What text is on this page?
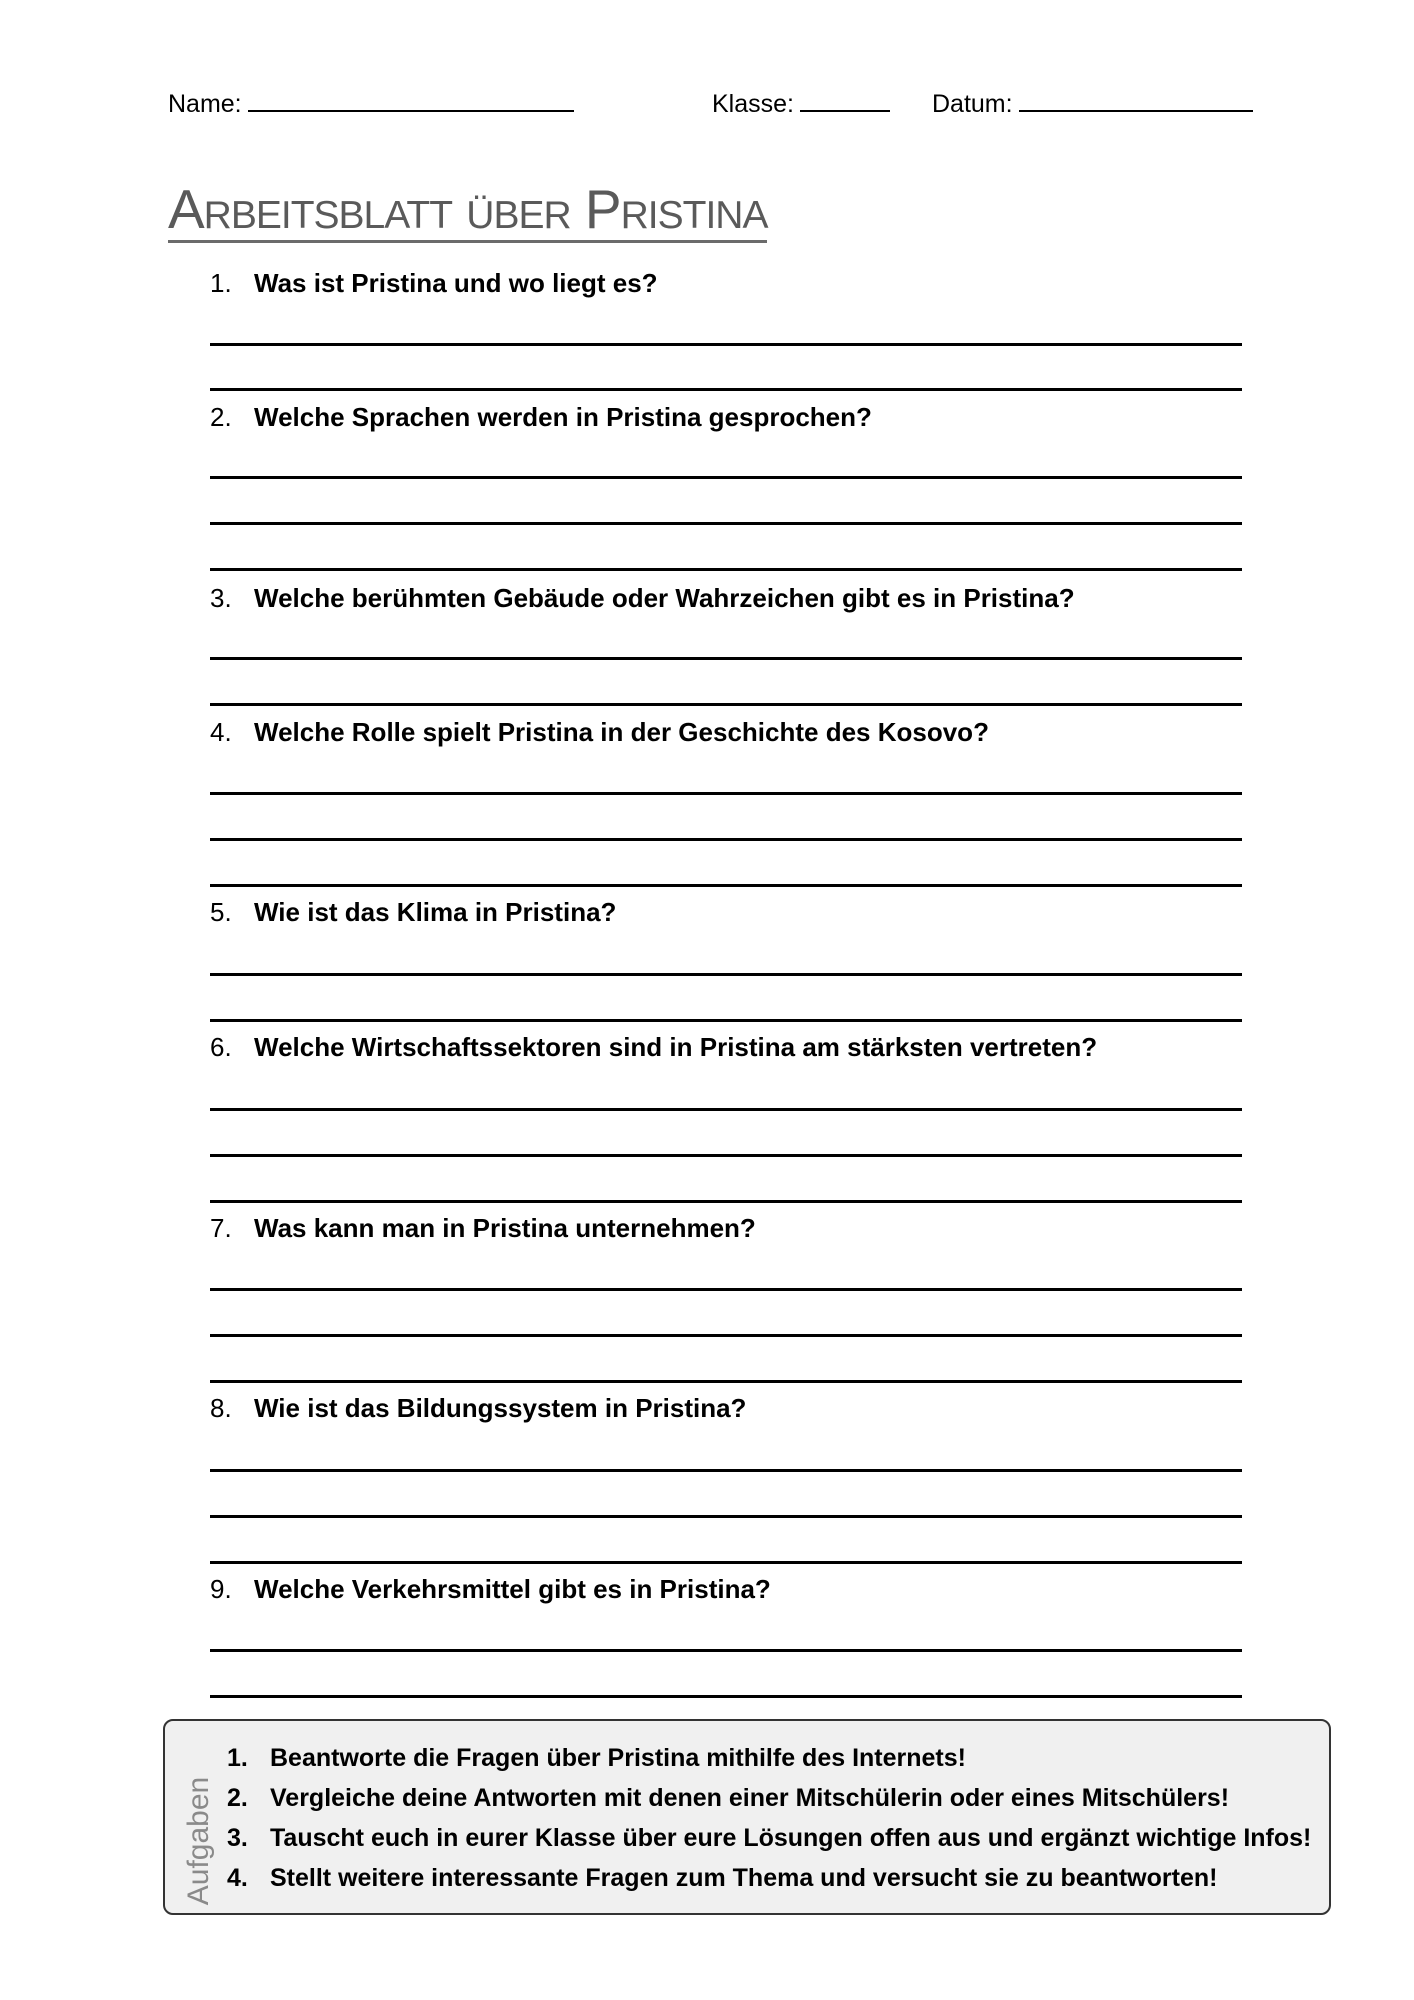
Name:	Klasse:	Datum:
Arbeitsblatt über Pristina
1. Was ist Pristina und wo liegt es?
2. Welche Sprachen werden in Pristina gesprochen?
3. Welche berühmten Gebäude oder Wahrzeichen gibt es in Pristina?
4. Welche Rolle spielt Pristina in der Geschichte des Kosovo?
5. Wie ist das Klima in Pristina?
6. Welche Wirtschaftssektoren sind in Pristina am stärksten vertreten?
7. Was kann man in Pristina unternehmen?
8. Wie ist das Bildungssystem in Pristina?
9. Welche Verkehrsmittel gibt es in Pristina?
Aufgaben
1. Beantworte die Fragen über Pristina mithilfe des Internets!
2. Vergleiche deine Antworten mit denen einer Mitschülerin oder eines Mitschülers!
3. Tauscht euch in eurer Klasse über eure Lösungen offen aus und ergänzt wichtige Infos!
4. Stellt weitere interessante Fragen zum Thema und versucht sie zu beantworten!
